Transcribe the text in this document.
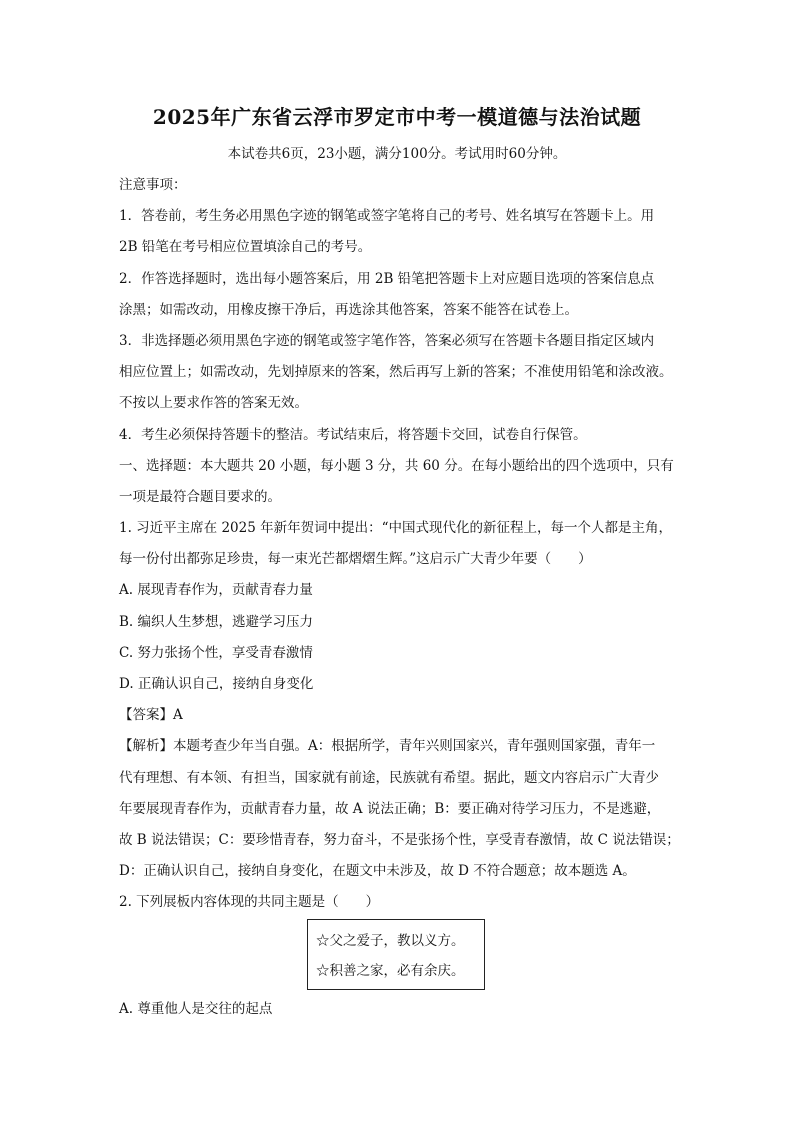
2025年广东省云浮市罗定市中考一模道德与法治试题
本试卷共6页，23小题，满分100分。考试用时60分钟。
注意事项：
1．答卷前，考生务必用黑色字迹的钢笔或签字笔将自己的考号、姓名填写在答题卡上。用
2B 铅笔在考号相应位置填涂自己的考号。
2．作答选择题时，选出每小题答案后，用 2B 铅笔把答题卡上对应题目选项的答案信息点
涂黑；如需改动，用橡皮擦干净后，再选涂其他答案，答案不能答在试卷上。
3．非选择题必须用黑色字迹的钢笔或签字笔作答，答案必须写在答题卡各题目指定区域内
相应位置上；如需改动，先划掉原来的答案，然后再写上新的答案；不准使用铅笔和涂改液。
不按以上要求作答的答案无效。
4．考生必须保持答题卡的整洁。考试结束后，将答题卡交回，试卷自行保管。
一、选择题：本大题共 20 小题，每小题 3 分，共 60 分。在每小题给出的四个选项中，只有
一项是最符合题目要求的。
1. 习近平主席在 2025 年新年贺词中提出：“中国式现代化的新征程上，每一个人都是主角，
每一份付出都弥足珍贵，每一束光芒都熠熠生辉。”这启示广大青少年要（　　）
A. 展现青春作为，贡献青春力量
B. 编织人生梦想，逃避学习压力
C. 努力张扬个性，享受青春激情
D. 正确认识自己，接纳自身变化
【答案】A
【解析】本题考查少年当自强。A：根据所学，青年兴则国家兴，青年强则国家强，青年一
代有理想、有本领、有担当，国家就有前途，民族就有希望。据此，题文内容启示广大青少
年要展现青春作为，贡献青春力量，故 A 说法正确；B：要正确对待学习压力，不是逃避，
故 B 说法错误；C：要珍惜青春，努力奋斗，不是张扬个性，享受青春激情，故 C 说法错误；
D：正确认识自己，接纳自身变化，在题文中未涉及，故 D 不符合题意；故本题选 A。
2. 下列展板内容体现的共同主题是（　　）
☆父之爱子，教以义方。
☆积善之家，必有余庆。
A. 尊重他人是交往的起点
